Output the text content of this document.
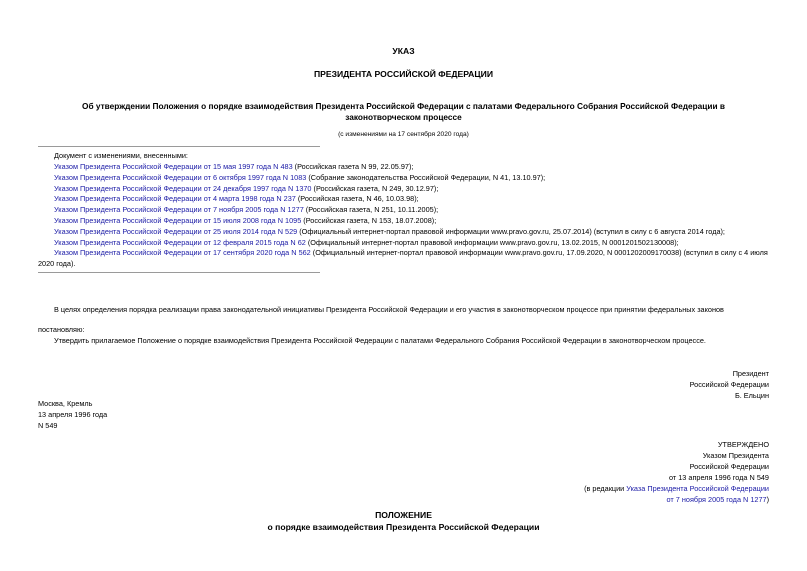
УКАЗ
ПРЕЗИДЕНТА РОССИЙСКОЙ ФЕДЕРАЦИИ
Об утверждении Положения о порядке взаимодействия Президента Российской Федерации с палатами Федерального Собрания Российской Федерации в
законотворческом процессе
(с изменениями на 17 сентября 2020 года)
Документ с изменениями, внесенными:
Указом Президента Российской Федерации от 15 мая 1997 года N 483 (Российская газета N 99, 22.05.97);
Указом Президента Российской Федерации от 6 октября 1997 года N 1083 (Собрание законодательства Российской Федерации, N 41, 13.10.97);
Указом Президента Российской Федерации от 24 декабря 1997 года N 1370 (Российская газета, N 249, 30.12.97);
Указом Президента Российской Федерации от 4 марта 1998 года N 237 (Российская газета, N 46, 10.03.98);
Указом Президента Российской Федерации от 7 ноября 2005 года N 1277 (Российская газета, N 251, 10.11.2005);
Указом Президента Российской Федерации от 15 июля 2008 года N 1095 (Российская газета, N 153, 18.07.2008);
Указом Президента Российской Федерации от 25 июля 2014 года N 529 (Официальный интернет-портал правовой информации www.pravo.gov.ru, 25.07.2014) (вступил в силу с 6 августа 2014 года);
Указом Президента Российской Федерации от 12 февраля 2015 года N 62 (Официальный интернет-портал правовой информации www.pravo.gov.ru, 13.02.2015, N 0001201502130008);
Указом Президента Российской Федерации от 17 сентября 2020 года N 562 (Официальный интернет-портал правовой информации www.pravo.gov.ru, 17.09.2020, N 0001202009170038) (вступил в силу с 4 июля
2020 года).
В целях определения порядка реализации права законодательной инициативы Президента Российской Федерации и его участия в законотворческом процессе при принятии федеральных законов
постановляю:
Утвердить прилагаемое Положение о порядке взаимодействия Президента Российской Федерации с палатами Федерального Собрания Российской Федерации в законотворческом процессе.
Президент
Российской Федерации
Б. Ельцин
Москва, Кремль
13 апреля 1996 года
N 549
УТВЕРЖДЕНО
Указом Президента
Российской Федерации
от 13 апреля 1996 года N 549
(в редакции Указа Президента Российской Федерации
от 7 ноября 2005 года N 1277)
ПОЛОЖЕНИЕ
о порядке взаимодействия Президента Российской Федерации
